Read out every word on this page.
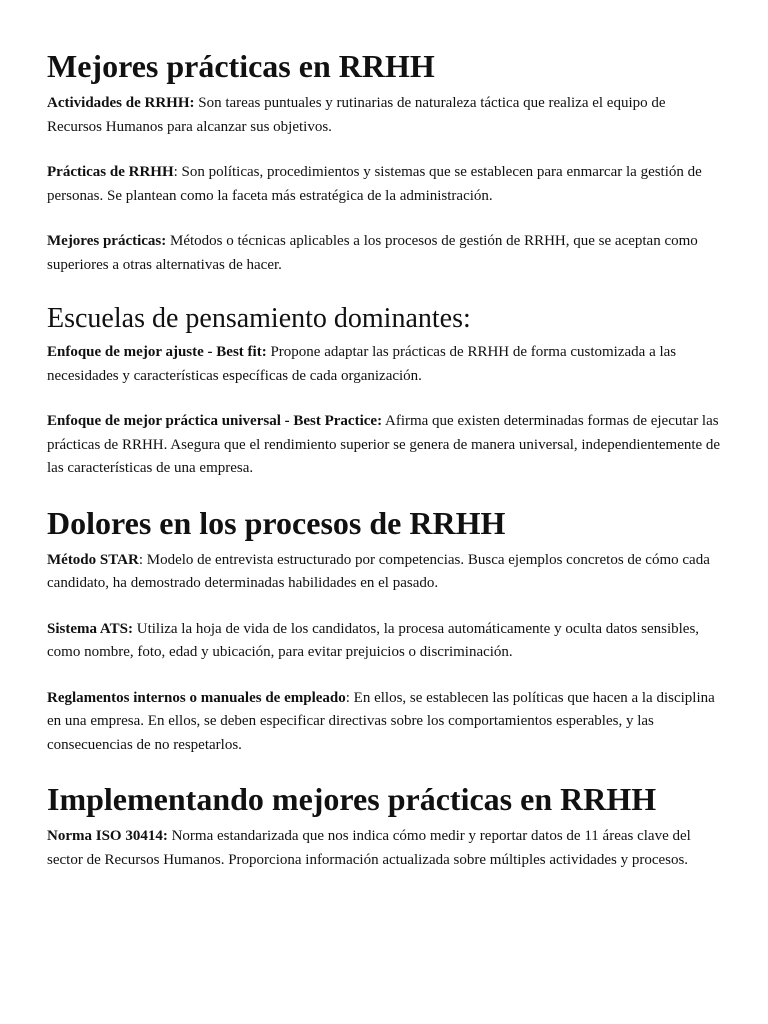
Mejores prácticas en RRHH

Actividades de RRHH: Son tareas puntuales y rutinarias de naturaleza táctica que realiza el equipo de Recursos Humanos para alcanzar sus objetivos.

Prácticas de RRHH: Son políticas, procedimientos y sistemas que se establecen para enmarcar la gestión de personas. Se plantean como la faceta más estratégica de la administración.

Mejores prácticas: Métodos o técnicas aplicables a los procesos de gestión de RRHH, que se aceptan como superiores a otras alternativas de hacer.

Escuelas de pensamiento dominantes:

Enfoque de mejor ajuste - Best fit: Propone adaptar las prácticas de RRHH de forma customizada a las necesidades y características específicas de cada organización.

Enfoque de mejor práctica universal - Best Practice: Afirma que existen determinadas formas de ejecutar las prácticas de RRHH. Asegura que el rendimiento superior se genera de manera universal, independientemente de las características de una empresa.

Dolores en los procesos de RRHH

Método STAR: Modelo de entrevista estructurado por competencias. Busca ejemplos concretos de cómo cada candidato, ha demostrado determinadas habilidades en el pasado.

Sistema ATS: Utiliza la hoja de vida de los candidatos, la procesa automáticamente y oculta datos sensibles, como nombre, foto, edad y ubicación, para evitar prejuicios o discriminación.

Reglamentos internos o manuales de empleado: En ellos, se establecen las políticas que hacen a la disciplina en una empresa. En ellos, se deben especificar directivas sobre los comportamientos esperables, y las consecuencias de no respetarlos.

Implementando mejores prácticas en RRHH

Norma ISO 30414: Norma estandarizada que nos indica cómo medir y reportar datos de 11 áreas clave del sector de Recursos Humanos. Proporciona información actualizada sobre múltiples actividades y procesos.
